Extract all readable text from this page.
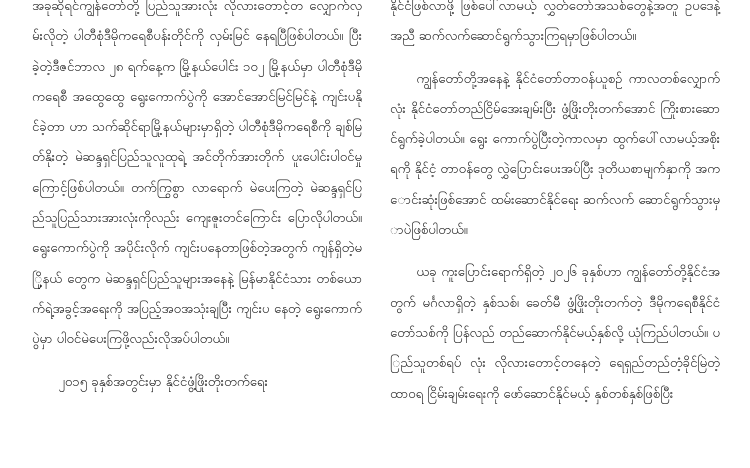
အခုဆိုရင်ကျွန်တော်တို့ ပြည်သူအားလုံး လိုလားတောင့်တ လျှောက်လှမ်းလိုတဲ့ ပါတီစုံဒီမိုကရေစီပန်းတိုင်ကို လှမ်းမြင် နေရပြီဖြစ်ပါတယ်။ ပြီးခဲ့တဲ့ဒီဇင်ဘာလ ၂၈ ရက်နေ့က မြို့နယ်ပေါင်း ၁၀၂ မြို့နယ်မှာ ပါတီစုံဒီမိုကရေစီ အထွေထွေ ရွေးကောက်ပွဲကို အောင်အောင်မြင်မြင်နဲ့ ကျင်းပနိုင်ခဲ့တာ ဟာ သက်ဆိုင်ရာမြို့နယ်များမှာရှိတဲ့ ပါတီစုံဒီမိုကရေစီကို ချစ်မြတ်နိုးတဲ့ မဲဆန္ဒရှင်ပြည်သူလူထုရဲ့ အင်တိုက်အားတိုက် ပူးပေါင်းပါဝင်မှုကြောင့်ဖြစ်ပါတယ်။ တက်ကြွစွာ လာရောက် မဲပေးကြတဲ့ မဲဆန္ဒရှင်ပြည်သူပြည်သားအားလုံးကိုလည်း ကျေးဇူးတင်ကြောင်း ပြောလိုပါတယ်။ ရွေးကောက်ပွဲကို အပိုင်းလိုက် ကျင်းပနေတာဖြစ်တဲ့အတွက် ကျန်ရှိတဲ့မြို့နယ် တွေက မဲဆန္ဒရှင်ပြည်သူများအနေနဲ့ မြန်မာနိုင်ငံသား တစ်ယောက်ရဲ့အခွင့်အရေးကို အပြည့်အဝအသုံးချပြီး ကျင်းပ နေတဲ့ ရွေးကောက်ပွဲမှာ ပါဝင်မဲပေးကြဖို့လည်းလိုအပ်ပါတယ်။

၂၀၁၅ ခုနှစ်အတွင်းမှာ နိုင်ငံဖွံ့ဖြိုးတိုးတက်ရေး

နိုင်ငံဖြစ်လာဖို့ ဖြစ်ပေါ်လာမယ့် လွှတ်တော်အသစ်တွေနဲ့အတူ ဥပဒေနဲ့အညီ ဆက်လက်ဆောင်ရွက်သွားကြရမှာဖြစ်ပါတယ်။

ကျွန်တော်တို့အနေနဲ့ နိုင်ငံတော်တာဝန်ယူစဉ် ကာလတစ်လျှောက်လုံး နိုင်ငံတော်တည်ငြိမ်အေးချမ်းပြီး ဖွံ့ဖြိုးတိုးတက်အောင် ကြိုးစားဆောင်ရွက်ခဲ့ပါတယ်။ ရွေး ကောက်ပွဲပြီးတဲ့ကာလမှာ ထွက်ပေါ်လာမယ့်အစိုးရကို နိုင်ငံ့ တာဝန်တွေ လွှဲပြောင်းပေးအပ်ပြီး ဒုတိယစာမျက်နှာကို အကောင်းဆုံးဖြစ်အောင် ထမ်းဆောင်နိုင်ရေး ဆက်လက် ဆောင်ရွက်သွားမှာပဲဖြစ်ပါတယ်။

ယခု ကူးပြောင်းရောက်ရှိတဲ့ ၂၀၂၆ ခုနှစ်ဟာ ကျွန်တော်တို့နိုင်ငံအတွက် မင်္ဂလာရှိတဲ့ နှစ်သစ်၊ ခေတ်မီ ဖွံ့ဖြိုးတိုးတက်တဲ့ ဒီမိုကရေစီနိုင်ငံတော်သစ်ကို ပြန်လည် တည်ဆောက်နိုင်မယ့်နှစ်လို့ ယုံကြည်ပါတယ်။ ပြည်သူတစ်ရပ် လုံး လိုလားတောင့်တနေတဲ့ ရေရှည်တည်တံ့ခိုင်မြဲတဲ့ ထာဝရ ငြိမ်းချမ်းရေးကို ဖော်ဆောင်နိုင်မယ့် နှစ်တစ်နှစ်ဖြစ်ပြီး
